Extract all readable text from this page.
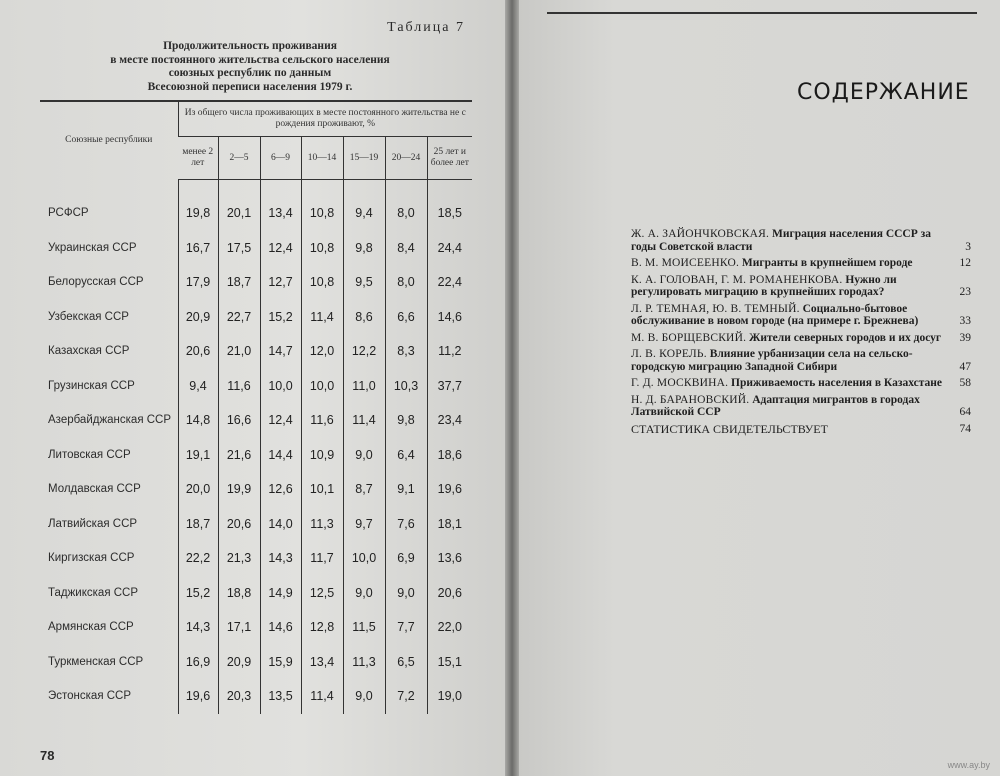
Таблица 7
Продолжительность проживания
в месте постоянного жительства сельского населения
союзных республик по данным
Всесоюзной переписи населения 1979 г.
Союзные республики	Из общего числа проживающих в месте постоянного жительства не с рождения проживают, %						
	менее 2 лет	2—5	6—9	10—14	15—19	20—24	25 лет и более лет
РСФСР	19,8	20,1	13,4	10,8	9,4	8,0	18,5
Украинская ССР	16,7	17,5	12,4	10,8	9,8	8,4	24,4
Белорусская ССР	17,9	18,7	12,7	10,8	9,5	8,0	22,4
Узбекская ССР	20,9	22,7	15,2	11,4	8,6	6,6	14,6
Казахская ССР	20,6	21,0	14,7	12,0	12,2	8,3	11,2
Грузинская ССР	9,4	11,6	10,0	10,0	11,0	10,3	37,7
Азербайджанская ССР	14,8	16,6	12,4	11,6	11,4	9,8	23,4
Литовская ССР	19,1	21,6	14,4	10,9	9,0	6,4	18,6
Молдавская ССР	20,0	19,9	12,6	10,1	8,7	9,1	19,6
Латвийская ССР	18,7	20,6	14,0	11,3	9,7	7,6	18,1
Киргизская ССР	22,2	21,3	14,3	11,7	10,0	6,9	13,6
Таджикская ССР	15,2	18,8	14,9	12,5	9,0	9,0	20,6
Армянская ССР	14,3	17,1	14,6	12,8	11,5	7,7	22,0
Туркменская ССР	16,9	20,9	15,9	13,4	11,3	6,5	15,1
Эстонская ССР	19,6	20,3	13,5	11,4	9,0	7,2	19,0
78
СОДЕРЖАНИЕ
Ж. А. ЗАЙОНЧКОВСКАЯ. Миграция населения СССР за годы Советской власти	3
В. М. МОИСЕЕНКО. Мигранты в крупнейшем городе	12
К. А. ГОЛОВАН, Г. М. РОМАНЕНКОВА. Нужно ли регулировать миграцию в крупнейших городах?	23
Л. Р. ТЕМНАЯ, Ю. В. ТЕМНЫЙ. Социально-бытовое обслуживание в новом городе (на примере г. Брежнева)	33
М. В. БОРЩЕВСКИЙ. Жители северных городов и их досуг	39
Л. В. КОРЕЛЬ. Влияние урбанизации села на сельско-городскую миграцию Западной Сибири	47
Г. Д. МОСКВИНА. Приживаемость населения в Казахстане 58
Н. Д. БАРАНОВСКИЙ. Адаптация мигрантов в городах Латвийской ССР	64
СТАТИСТИКА СВИДЕТЕЛЬСТВУЕТ	74
www.ay.by
